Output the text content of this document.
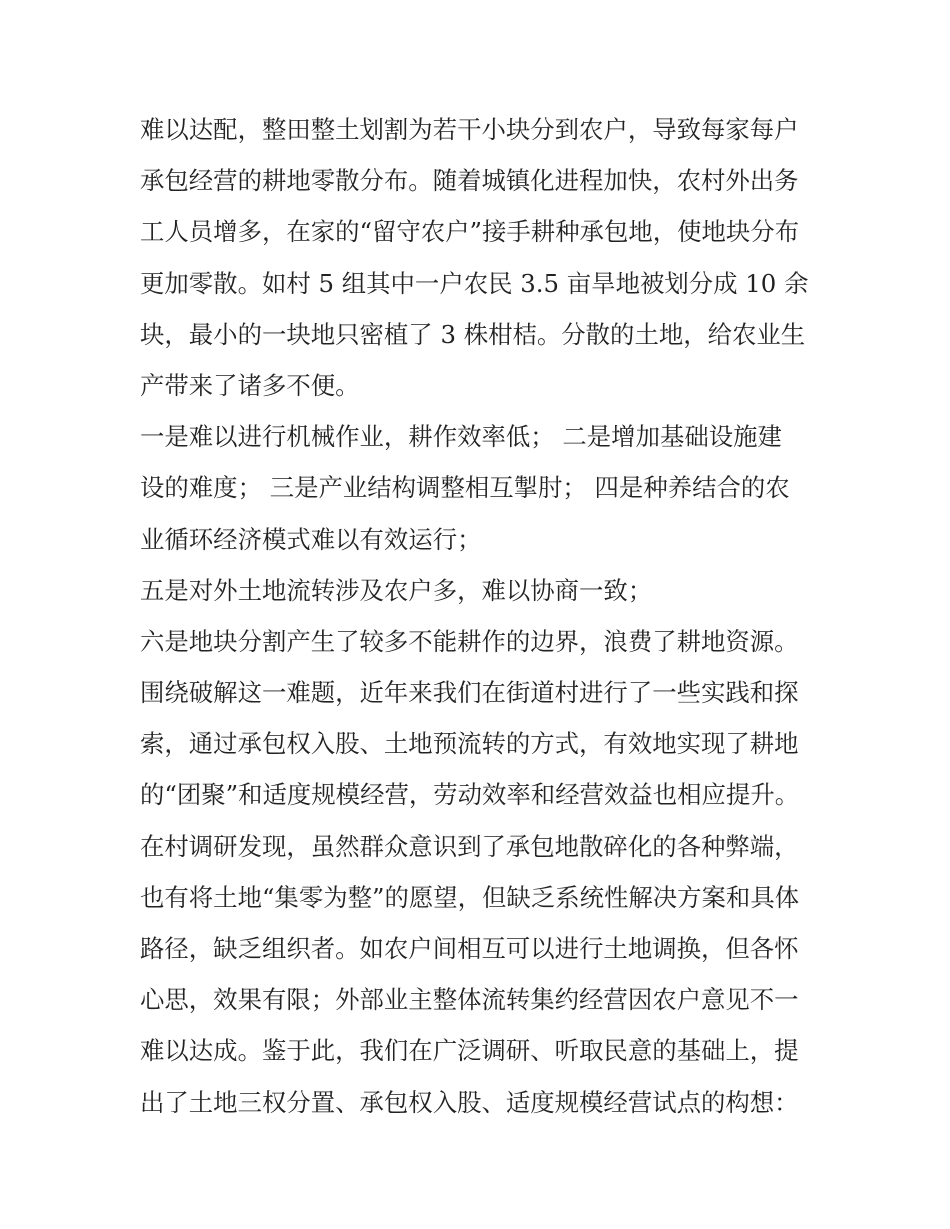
难以达配，整田整土划割为若干小块分到农户，导致每家每户
承包经营的耕地零散分布。随着城镇化进程加快，农村外出务
工人员增多，在家的“留守农户”接手耕种承包地，使地块分布
更加零散。如村 5 组其中一户农民 3.5 亩旱地被划分成 10 余
块，最小的一块地只密植了 3 株柑桔。分散的土地，给农业生
产带来了诸多不便。
一是难以进行机械作业，耕作效率低； 二是增加基础设施建
设的难度； 三是产业结构调整相互掣肘； 四是种养结合的农
业循环经济模式难以有效运行；
五是对外土地流转涉及农户多，难以协商一致；
六是地块分割产生了较多不能耕作的边界，浪费了耕地资源。
围绕破解这一难题，近年来我们在街道村进行了一些实践和探
索，通过承包权入股、土地预流转的方式，有效地实现了耕地
的“团聚”和适度规模经营，劳动效率和经营效益也相应提升。
在村调研发现，虽然群众意识到了承包地散碎化的各种弊端，
也有将土地“集零为整”的愿望，但缺乏系统性解决方案和具体
路径，缺乏组织者。如农户间相互可以进行土地调换，但各怀
心思，效果有限；外部业主整体流转集约经营因农户意见不一
难以达成。鉴于此，我们在广泛调研、听取民意的基础上，提
出了土地三权分置、承包权入股、适度规模经营试点的构想：
